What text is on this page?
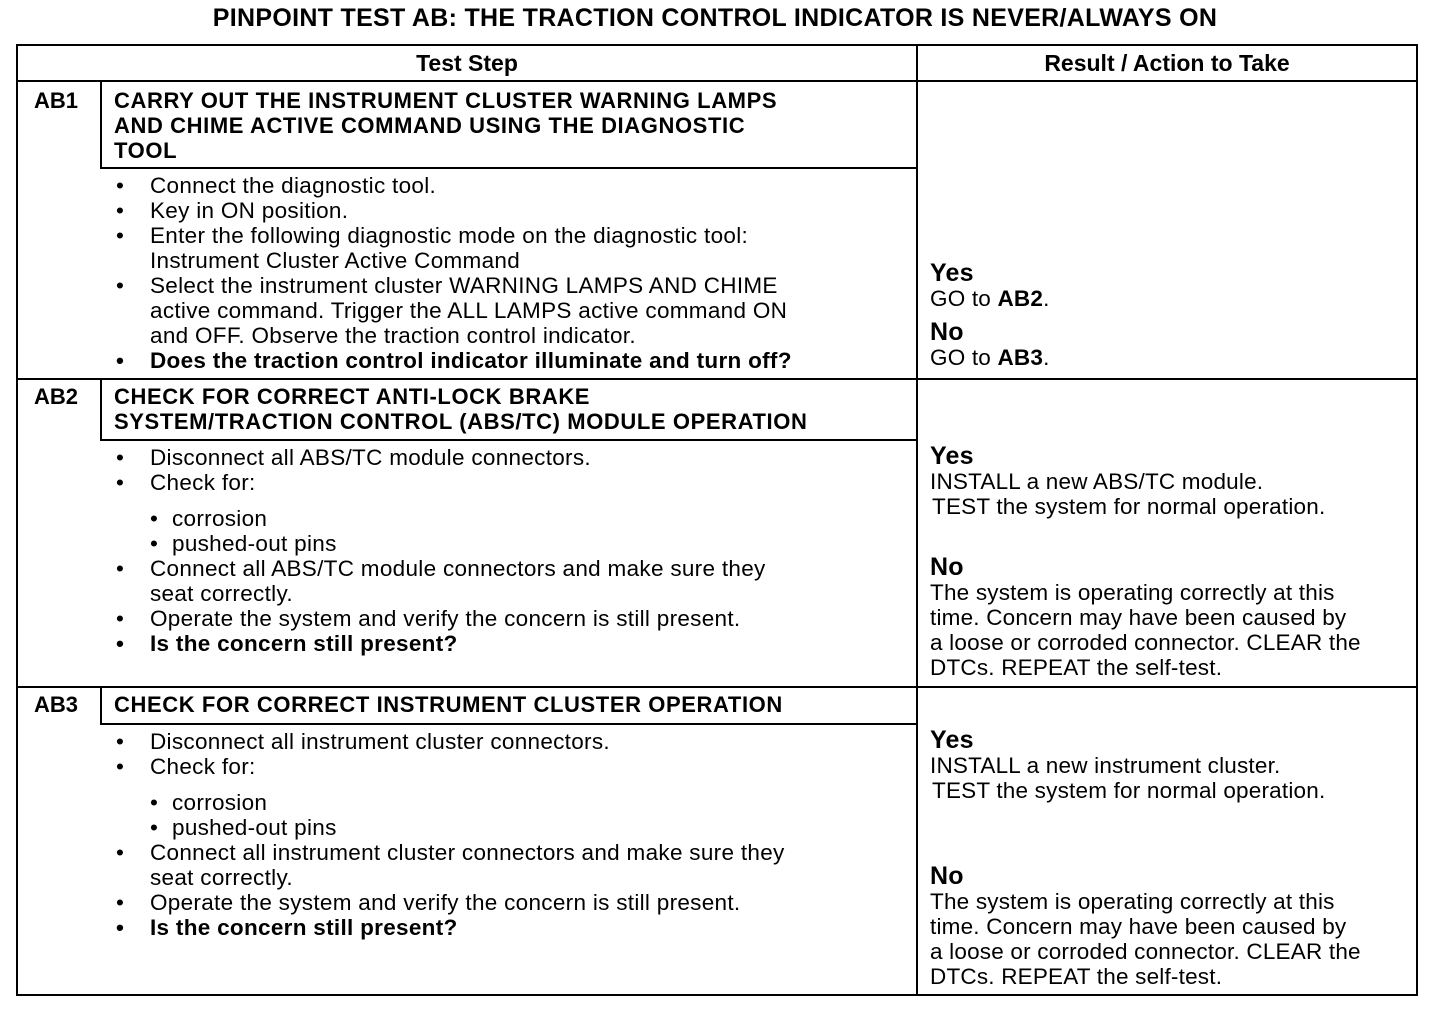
PINPOINT TEST AB: THE TRACTION CONTROL INDICATOR IS NEVER/ALWAYS ON
Test Step	Result / Action to Take
AB1 CARRY OUT THE INSTRUMENT CLUSTER WARNING LAMPS
AND CHIME ACTIVE COMMAND USING THE DIAGNOSTIC
TOOL
• Connect the diagnostic tool.
• Key in ON position.
• Enter the following diagnostic mode on the diagnostic tool:
Instrument Cluster Active Command
• Select the instrument cluster WARNING LAMPS AND CHIME
active command. Trigger the ALL LAMPS active command ON
and OFF. Observe the traction control indicator.
• Does the traction control indicator illuminate and turn off?
Yes
GO to AB2.
No
GO to AB3.
AB2 CHECK FOR CORRECT ANTI-LOCK BRAKE
SYSTEM/TRACTION CONTROL (ABS/TC) MODULE OPERATION
• Disconnect all ABS/TC module connectors.
• Check for:
• corrosion
• pushed-out pins
• Connect all ABS/TC module connectors and make sure they
seat correctly.
• Operate the system and verify the concern is still present.
• Is the concern still present?
Yes
INSTALL a new ABS/TC module.
TEST the system for normal operation.
No
The system is operating correctly at this
time. Concern may have been caused by
a loose or corroded connector. CLEAR the
DTCs. REPEAT the self-test.
AB3 CHECK FOR CORRECT INSTRUMENT CLUSTER OPERATION
• Disconnect all instrument cluster connectors.
• Check for:
• corrosion
• pushed-out pins
• Connect all instrument cluster connectors and make sure they
seat correctly.
• Operate the system and verify the concern is still present.
• Is the concern still present?
Yes
INSTALL a new instrument cluster.
TEST the system for normal operation.
No
The system is operating correctly at this
time. Concern may have been caused by
a loose or corroded connector. CLEAR the
DTCs. REPEAT the self-test.
